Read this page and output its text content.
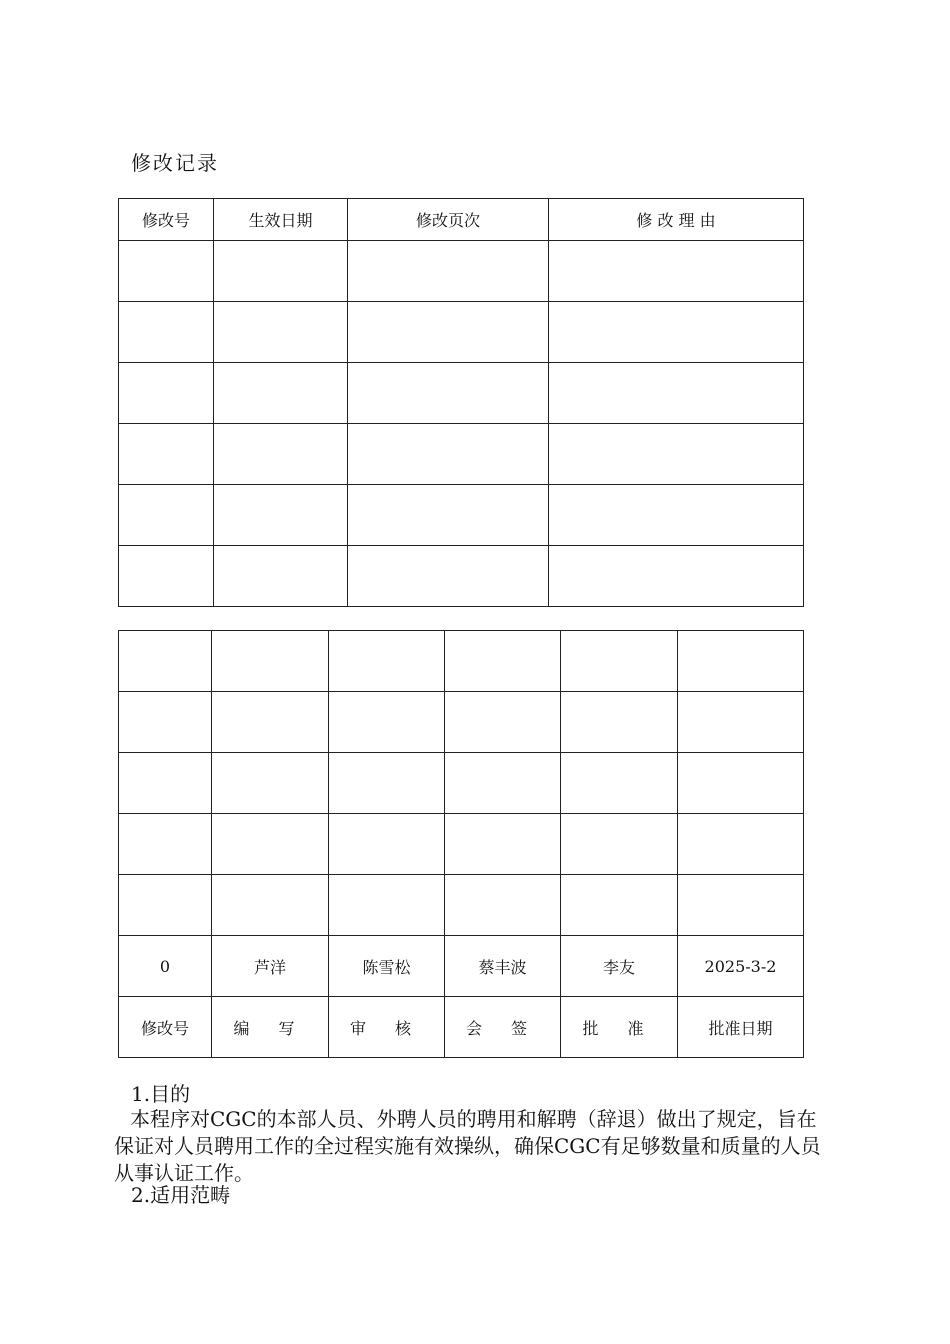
修改记录
修改号	生效日期	修改页次	修 改 理 由

0	芦洋	陈雪松	蔡丰波	李友	2025-3-2
修改号	编 写	审 核	会 签	批 准	批准日期
1.目的
本程序对CGC的本部人员、外聘人员的聘用和解聘（辞退）做出了规定，旨在保证对人员聘用工作的全过程实施有效操纵，确保CGC有足够数量和质量的人员从事认证工作。
2.适用范畴
